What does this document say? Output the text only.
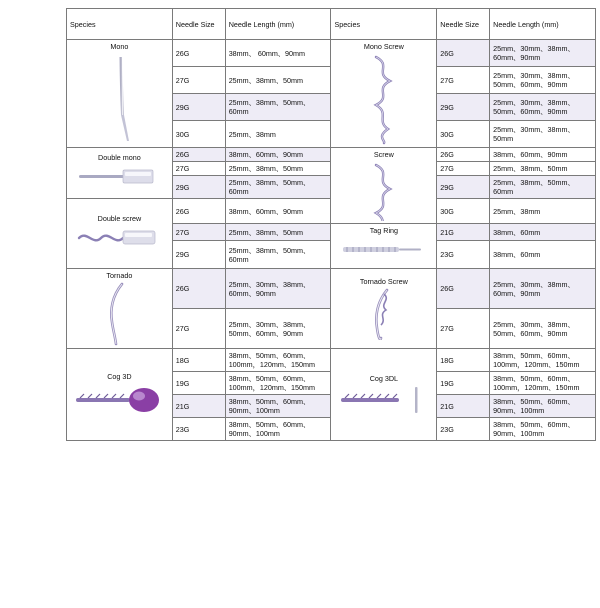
Species	Needle Size	Needle Length (mm)	Species	Needle Size	Needle Length (mm)

Mono	26G	38mm、 60mm、90mm	Mono Screw	26G	25mm、30mm、38mm、60mm、90mm
	27G	25mm、38mm、50mm		27G	25mm、30mm、38mm、50mm、60mm、90mm
	29G	25mm、38mm、50mm、60mm		29G	25mm、30mm、38mm、50mm、60mm、90mm
	30G	25mm、38mm		30G	25mm、30mm、38mm、50mm

Double mono	26G	38mm、60mm、90mm	Screw	26G	38mm、60mm、90mm
	27G	25mm、38mm、50mm		27G	25mm、38mm、50mm
	29G	25mm、38mm、50mm、60mm		29G	25mm、38mm、50mm、60mm

Double screw	26G	38mm、60mm、90mm		30G	25mm、38mm
	27G	25mm、38mm、50mm	Tag Ring	21G	38mm、60mm
	29G	25mm、38mm、50mm、60mm		23G	38mm、60mm

Tornado	26G	25mm、30mm、38mm、60mm、90mm	Tornado Screw	26G	25mm、30mm、38mm、60mm、90mm
	27G	25mm、30mm、38mm、50mm、60mm、90mm		27G	25mm、30mm、38mm、50mm、60mm、90mm

Cog 3D	18G	38mm、50mm、60mm、100mm，120mm、150mm	Cog 3DL	18G	38mm、50mm、60mm、100mm，120mm、150mm
	19G	38mm、50mm、60mm、100mm，120mm、150mm		19G	38mm、50mm、60mm、100mm，120mm、150mm
	21G	38mm、50mm、60mm、90mm、100mm		21G	38mm、50mm、60mm、90mm、100mm
	23G	38mm、50mm、60mm、90mm、100mm		23G	38mm、50mm、60mm、90mm、100mm
